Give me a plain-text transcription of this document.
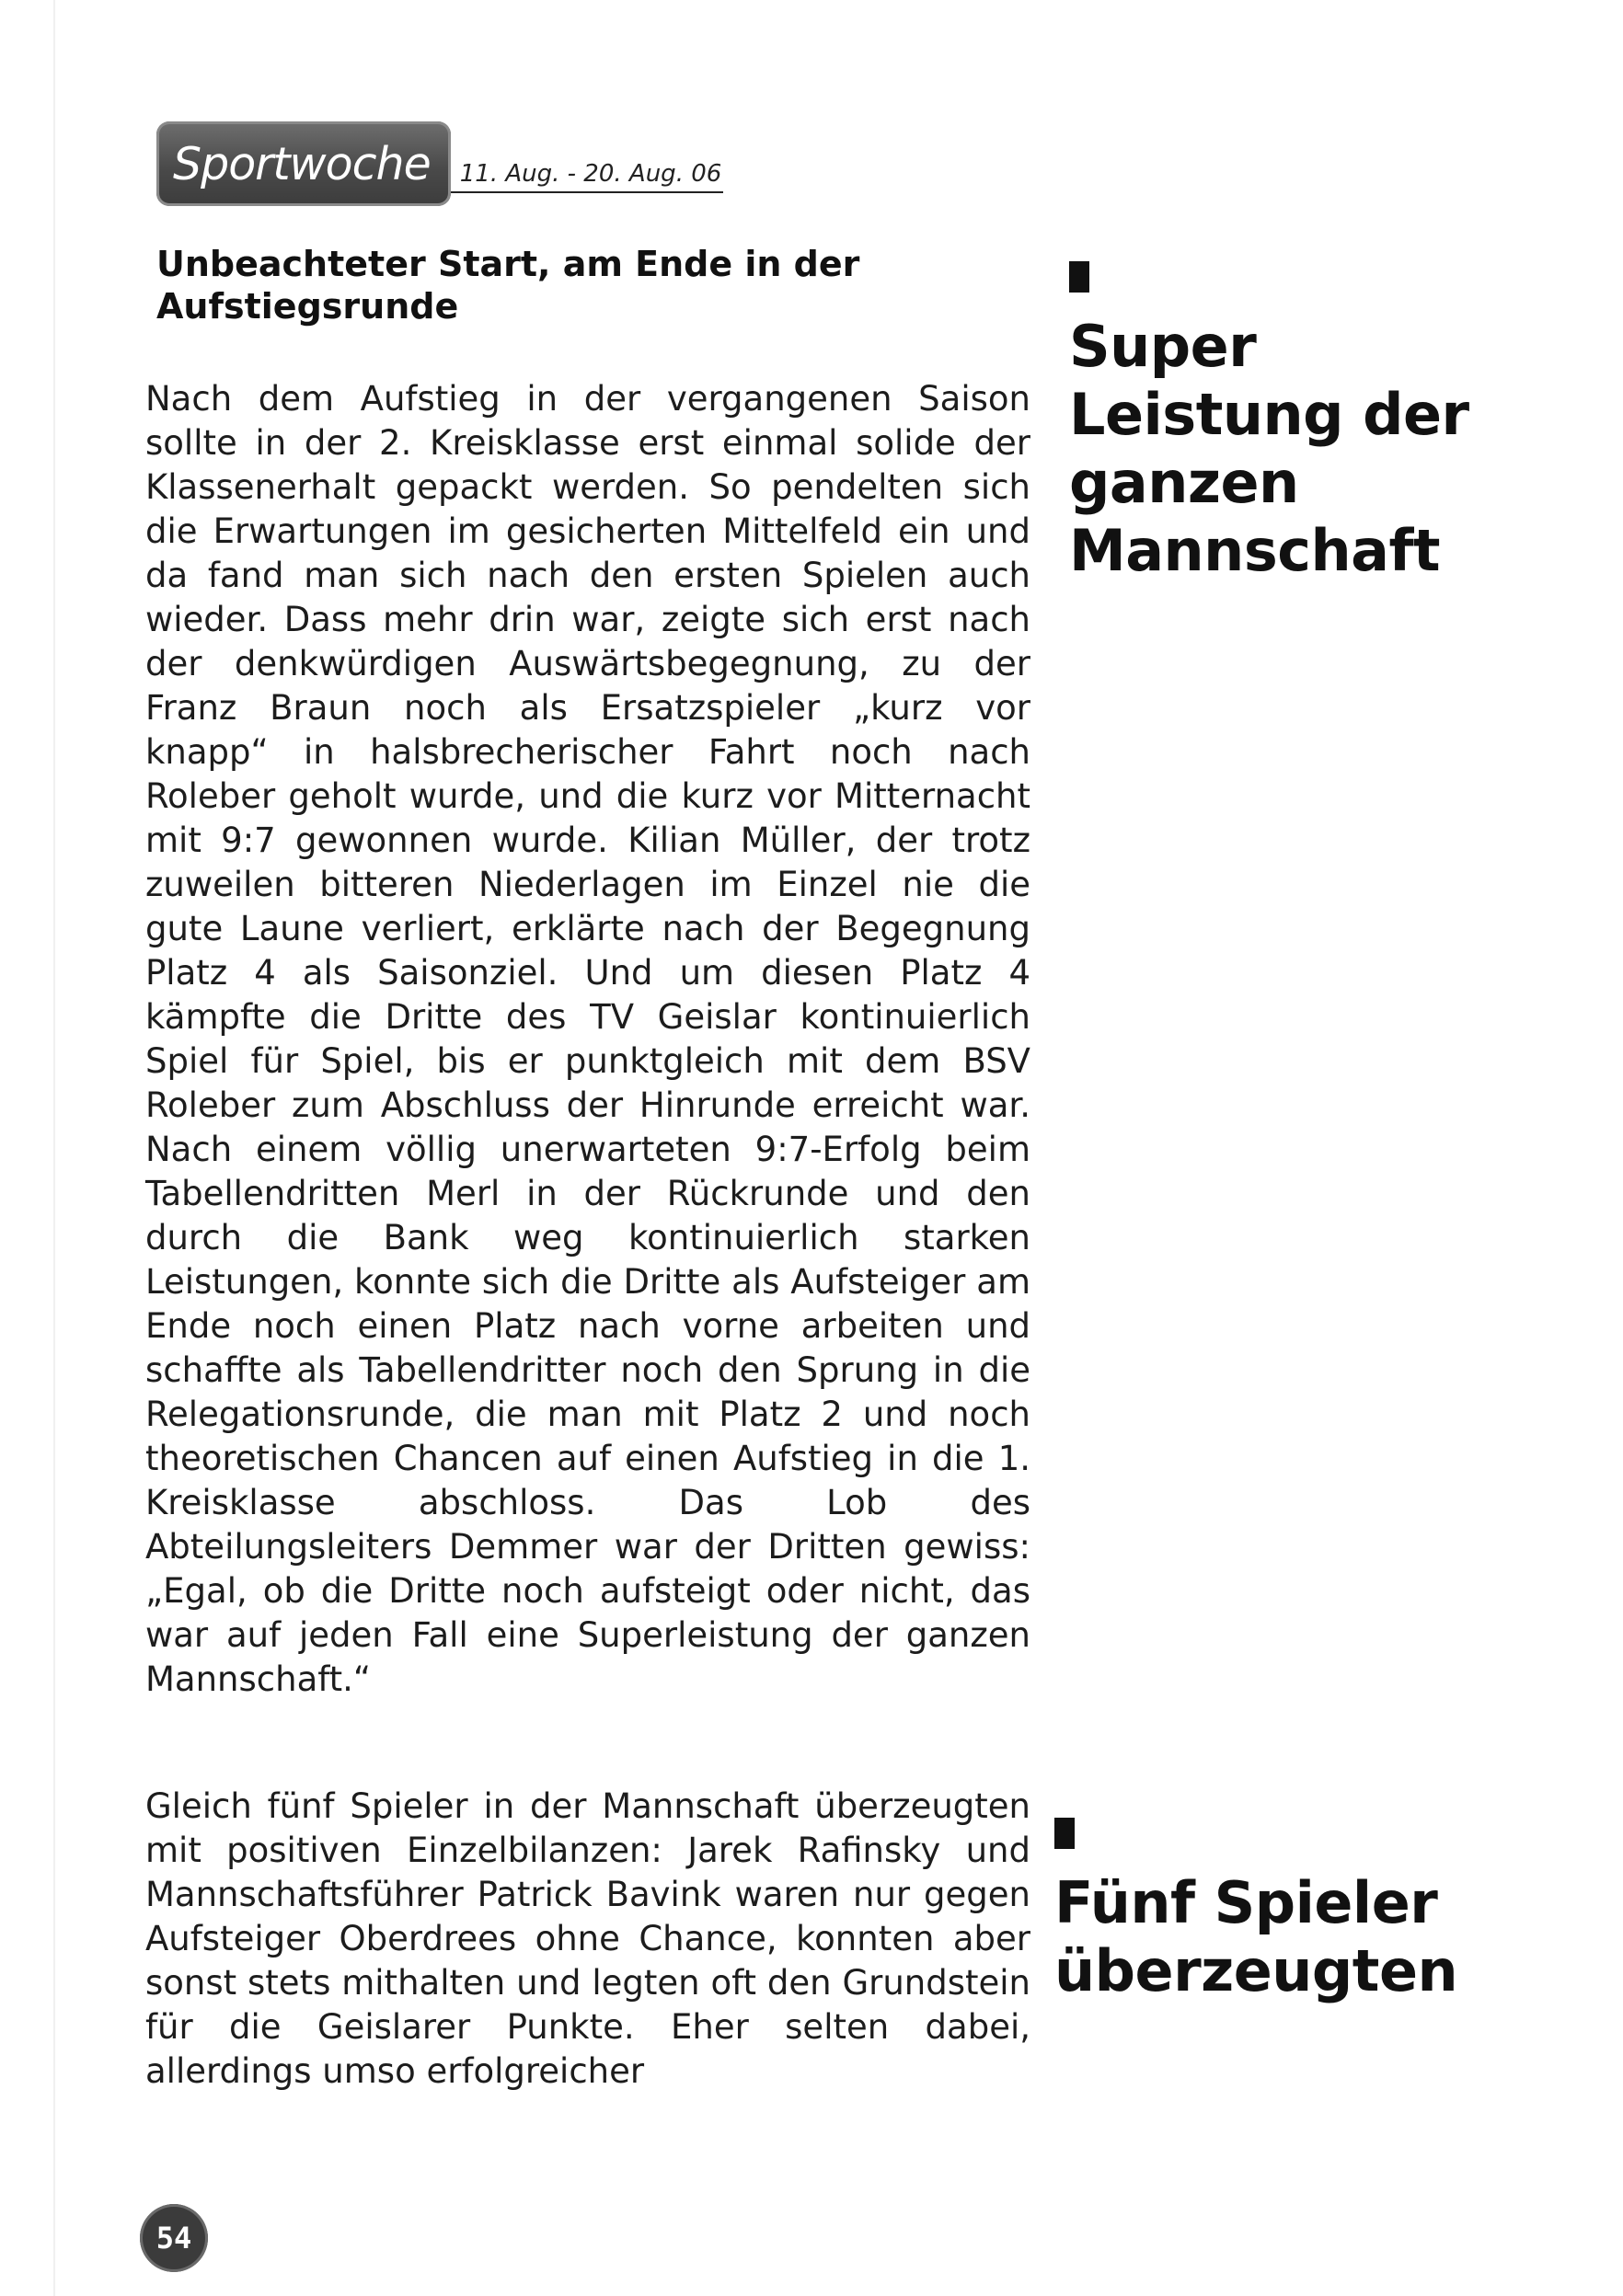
Sportwoche	11. Aug. - 20. Aug. 06
Unbeachteter Start, am Ende in der Aufstiegsrunde

Nach dem Aufstieg in der vergangenen Saison sollte in der 2. Kreisklasse erst einmal solide der Klassenerhalt gepackt werden. So pendelten sich die Erwartungen im gesicherten Mittelfeld ein und da fand man sich nach den ersten Spielen auch wieder. Dass mehr drin war, zeigte sich erst nach der denkwürdigen Auswärtsbegegnung, zu der Franz Braun noch als Ersatzspieler „kurz vor knapp“ in halsbrecherischer Fahrt noch nach Roleber geholt wurde, und die kurz vor Mitternacht mit 9:7 gewonnen wurde. Kilian Müller, der trotz zuweilen bitteren Niederlagen im Einzel nie die gute Laune verliert, erklärte nach der Begegnung Platz 4 als Saisonziel. Und um diesen Platz 4 kämpfte die Dritte des TV Geislar kontinuierlich Spiel für Spiel, bis er punktgleich mit dem BSV Roleber zum Abschluss der Hinrunde erreicht war. Nach einem völlig unerwarteten 9:7-Erfolg beim Tabellendritten Merl in der Rückrunde und den durch die Bank weg kontinuierlich starken Leistungen, konnte sich die Dritte als Aufsteiger am Ende noch einen Platz nach vorne arbeiten und schaffte als Tabellendritter noch den Sprung in die Relegationsrunde, die man mit Platz 2 und noch theoretischen Chancen auf einen Aufstieg in die 1. Kreisklasse abschloss. Das Lob des Abteilungsleiters Demmer war der Dritten gewiss: „Egal, ob die Dritte noch aufsteigt oder nicht, das war auf jeden Fall eine Superleistung der ganzen Mannschaft.“

Gleich fünf Spieler in der Mannschaft überzeugten mit positiven Einzelbilanzen: Jarek Rafinsky und Mannschaftsführer Patrick Bavink waren nur gegen Aufsteiger Oberdrees ohne Chance, konnten aber sonst stets mithalten und legten oft den Grundstein für die Geislarer Punkte. Eher selten dabei, allerdings umso erfolgreicher

Super Leistung der ganzen Mannschaft

Fünf Spieler überzeugten

54
